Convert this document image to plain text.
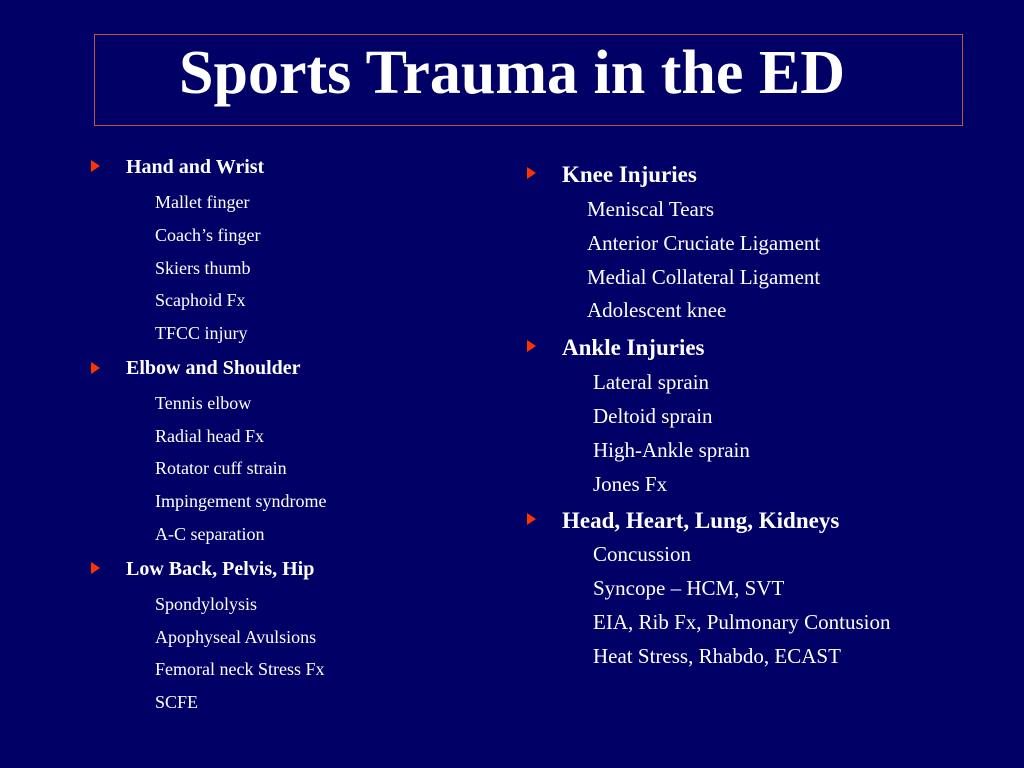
Sports Trauma in the ED
Hand and Wrist
Mallet finger
Coach’s finger
Skiers thumb
Scaphoid Fx
TFCC injury
Elbow and Shoulder
Tennis elbow
Radial head Fx
Rotator cuff strain
Impingement syndrome
A-C separation
Low Back, Pelvis, Hip
Spondylolysis
Apophyseal Avulsions
Femoral neck Stress Fx
SCFE
Knee Injuries
Meniscal Tears
Anterior Cruciate Ligament
Medial Collateral Ligament
Adolescent knee
Ankle Injuries
Lateral sprain
Deltoid sprain
High-Ankle sprain
Jones Fx
Head, Heart, Lung, Kidneys
Concussion
Syncope – HCM, SVT
EIA, Rib Fx, Pulmonary Contusion
Heat Stress, Rhabdo, ECAST
